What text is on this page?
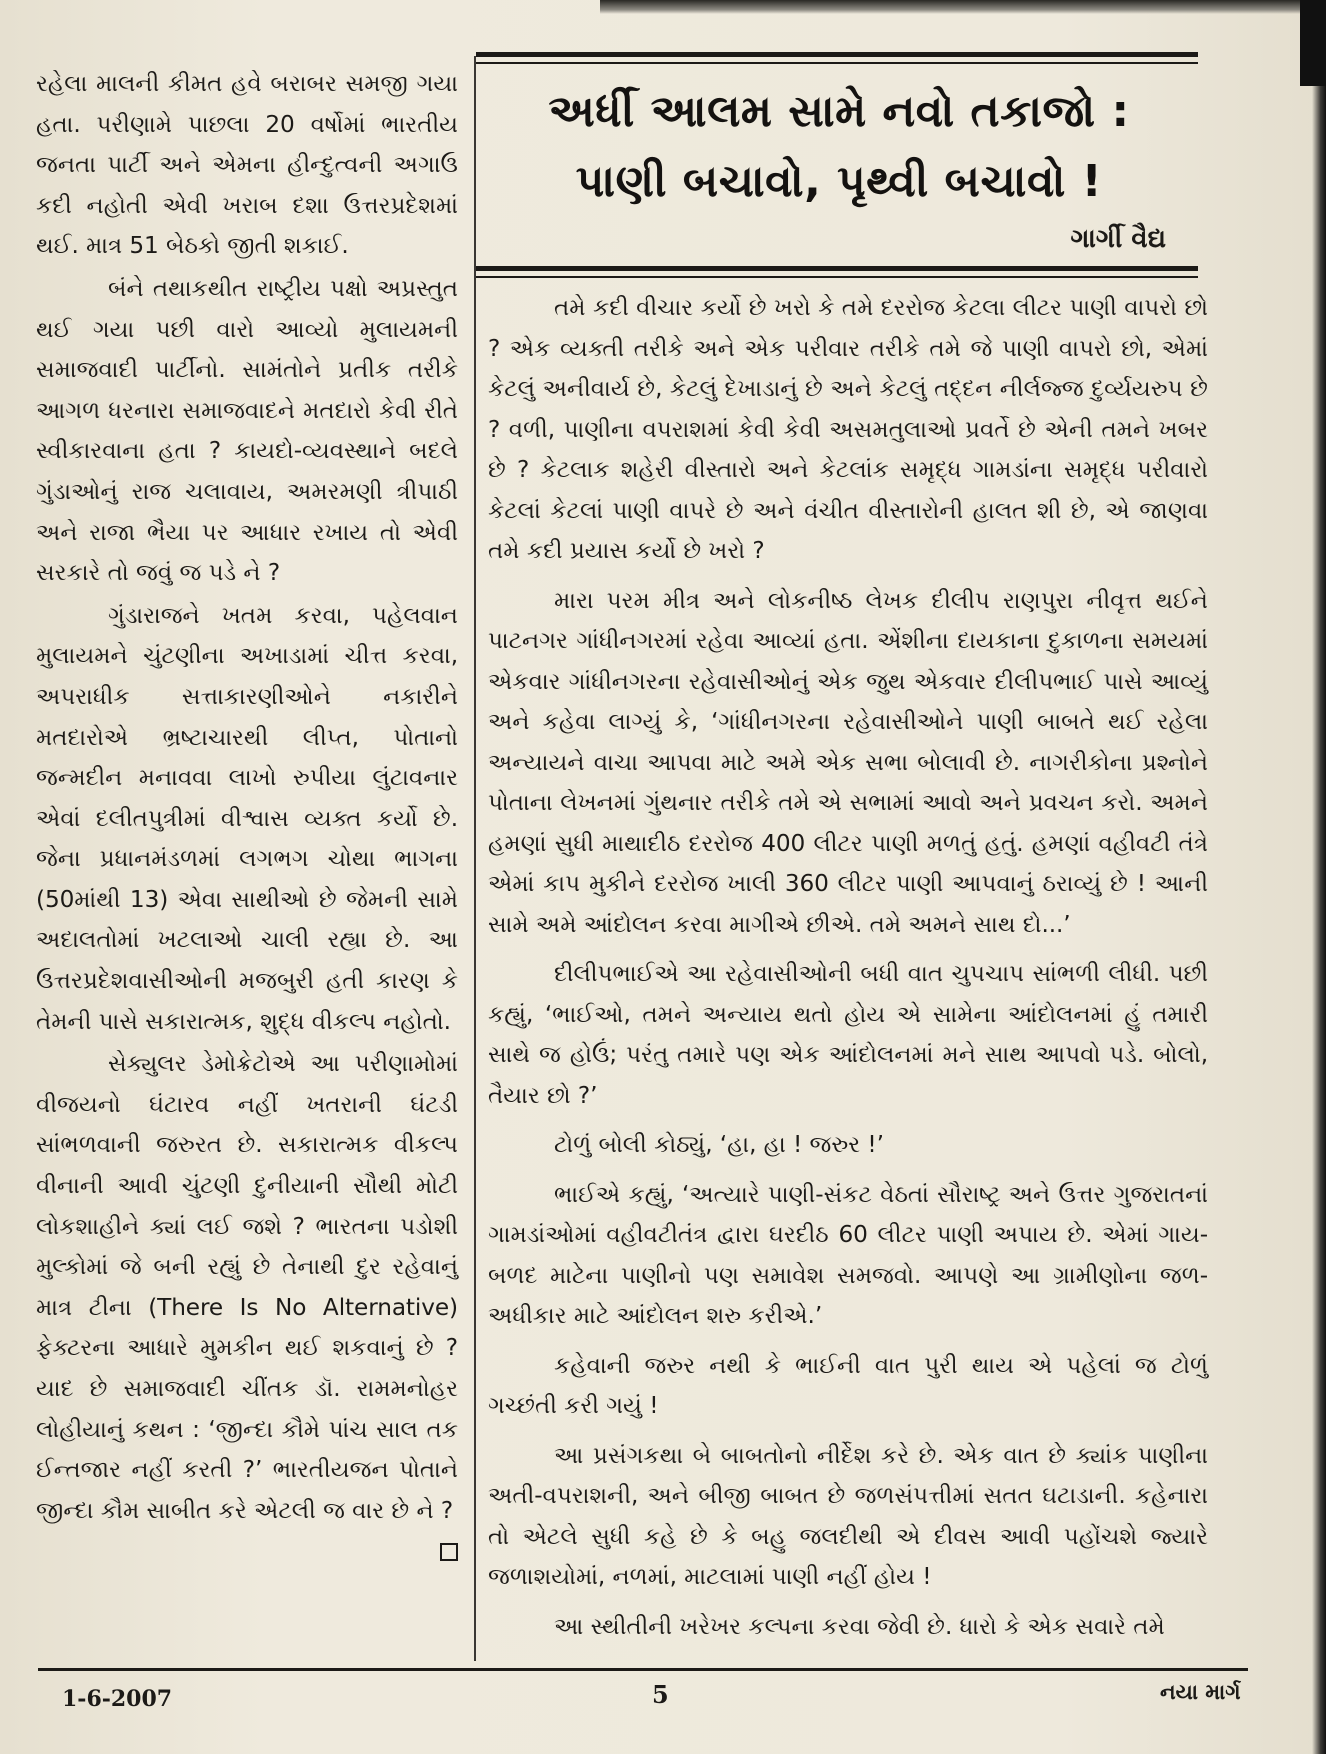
રહેલા માલની કીમત હવે બરાબર સમજી ગયા હતા. પરીણામે પાછલા 20 વર્ષોમાં ભારતીય જનતા પાર્ટી અને એમના હીન્દુત્વની અગાઉ કદી નહોતી એવી ખરાબ દશા ઉત્તરપ્રદેશમાં થઈ. માત્ર 51 બેઠકો જીતી શકાઈ.

બંને તથાકથીત રાષ્ટ્રીય પક્ષો અપ્રસ્તુત થઈ ગયા પછી વારો આવ્યો મુલાયમની સમાજવાદી પાર્ટીનો. સામંતોને પ્રતીક તરીકે આગળ ધરનારા સમાજવાદને મતદારો કેવી રીતે સ્વીકારવાના હતા ? કાયદો-વ્યવસ્થાને બદલે ગુંડાઓનું રાજ ચલાવાય, અમરમણી ત્રીપાઠી અને રાજા ભૈયા પર આધાર રખાય તો એવી સરકારે તો જવું જ પડે ને ?

ગુંડારાજને ખતમ કરવા, પહેલવાન મુલાયમને ચુંટણીના અખાડામાં ચીત્ત કરવા, અપરાધીક સત્તાકારણીઓને નકારીને મતદારોએ ભ્રષ્ટાચારથી લીપ્ત, પોતાનો જન્મદીન મનાવવા લાખો રુપીયા લુંટાવનાર એવાં દલીતપુત્રીમાં વીશ્વાસ વ્યક્ત કર્યો છે. જેના પ્રધાનમંડળમાં લગભગ ચોથા ભાગના (50માંથી 13) એવા સાથીઓ છે જેમની સામે અદાલતોમાં ખટલાઓ ચાલી રહ્યા છે. આ ઉત્તરપ્રદેશવાસીઓની મજબુરી હતી કારણ કે તેમની પાસે સકારાત્મક, શુદ્ધ વીકલ્પ નહોતો.

સેક્યુલર ડેમોક્રેટોએ આ પરીણામોમાં વીજયનો ઘંટારવ નહીં ખતરાની ઘંટડી સાંભળવાની જરુરત છે. સકારાત્મક વીકલ્પ વીનાની આવી ચુંટણી દુનીયાની સૌથી મોટી લોકશાહીને ક્યાં લઈ જશે ? ભારતના પડોશી મુલ્કોમાં જે બની રહ્યું છે તેનાથી દુર રહેવાનું માત્ર ટીના (There Is No Alternative) ફેક્ટરના આધારે મુમકીન થઈ શકવાનું છે ? યાદ છે સમાજવાદી ચીંતક ડૉ. રામમનોહર લોહીયાનું કથન : ‘જીન્દા કૌમે પાંચ સાલ તક ઈન્તજાર નહીં કરતી ?’ ભારતીયજન પોતાને જીન્દા કૌમ સાબીત કરે એટલી જ વાર છે ને ?

અર્ધી આલમ સામે નવો તકાજો :
પાણી બચાવો, પૃથ્વી બચાવો !
ગાર્ગી વૈદ્ય

તમે કદી વીચાર કર્યો છે ખરો કે તમે દરરોજ કેટલા લીટર પાણી વાપરો છો ? એક વ્યક્તી તરીકે અને એક પરીવાર તરીકે તમે જે પાણી વાપરો છો, એમાં કેટલું અનીવાર્ય છે, કેટલું દેખાડાનું છે અને કેટલું તદ્દન નીર્લજ્જ દુર્વ્યયરુપ છે ? વળી, પાણીના વપરાશમાં કેવી કેવી અસમતુલાઓ પ્રવર્તે છે એની તમને ખબર છે ? કેટલાક શહેરી વીસ્તારો અને કેટલાંક સમૃદ્ધ ગામડાંના સમૃદ્ધ પરીવારો કેટલાં કેટલાં પાણી વાપરે છે અને વંચીત વીસ્તારોની હાલત શી છે, એ જાણવા તમે કદી પ્રયાસ કર્યો છે ખરો ?

મારા પરમ મીત્ર અને લોકનીષ્ઠ લેખક દીલીપ રાણપુરા નીવૃત્ત થઈને પાટનગર ગાંધીનગરમાં રહેવા આવ્યાં હતા. એંશીના દાયકાના દુકાળના સમયમાં એકવાર ગાંધીનગરના રહેવાસીઓનું એક જુથ એકવાર દીલીપભાઈ પાસે આવ્યું અને કહેવા લાગ્યું કે, ‘ગાંધીનગરના રહેવાસીઓને પાણી બાબતે થઈ રહેલા અન્યાયને વાચા આપવા માટે અમે એક સભા બોલાવી છે. નાગરીકોના પ્રશ્નોને પોતાના લેખનમાં ગુંથનાર તરીકે તમે એ સભામાં આવો અને પ્રવચન કરો. અમને હમણાં સુધી માથાદીઠ દરરોજ 400 લીટર પાણી મળતું હતું. હમણાં વહીવટી તંત્રે એમાં કાપ મુકીને દરરોજ ખાલી 360 લીટર પાણી આપવાનું ઠરાવ્યું છે ! આની સામે અમે આંદોલન કરવા માગીએ છીએ. તમે અમને સાથ દો...’

દીલીપભાઈએ આ રહેવાસીઓની બધી વાત ચુપચાપ સાંભળી લીધી. પછી કહ્યું, ‘ભાઈઓ, તમને અન્યાય થતો હોય એ સામેના આંદોલનમાં હું તમારી સાથે જ હોઉં; પરંતુ તમારે પણ એક આંદોલનમાં મને સાથ આપવો પડે. બોલો, તૈયાર છો ?’

ટોળું બોલી કોઠ્યું, ‘હા, હા ! જરુર !’

ભાઈએ કહ્યું, ‘અત્યારે પાણી-સંકટ વેઠતાં સૌરાષ્ટ્ર અને ઉત્તર ગુજરાતનાં ગામડાંઓમાં વહીવટીતંત્ર દ્વારા ઘરદીઠ 60 લીટર પાણી અપાય છે. એમાં ગાય-બળદ માટેના પાણીનો પણ સમાવેશ સમજવો. આપણે આ ગ્રામીણોના જળ-અધીકાર માટે આંદોલન શરુ કરીએ.’

કહેવાની જરુર નથી કે ભાઈની વાત પુરી થાય એ પહેલાં જ ટોળું ગચ્છંતી કરી ગયું !

આ પ્રસંગકથા બે બાબતોનો નીર્દેશ કરે છે. એક વાત છે ક્યાંક પાણીના અતી-વપરાશની, અને બીજી બાબત છે જળસંપત્તીમાં સતત ઘટાડાની. કહેનારા તો એટલે સુધી કહે છે કે બહુ જલદીથી એ દીવસ આવી પહોંચશે જ્યારે જળાશયોમાં, નળમાં, માટલામાં પાણી નહીં હોય !

આ સ્થીતીની ખરેખર કલ્પના કરવા જેવી છે. ધારો કે એક સવારે તમે

1-6-2007	5	નયા માર્ગ
